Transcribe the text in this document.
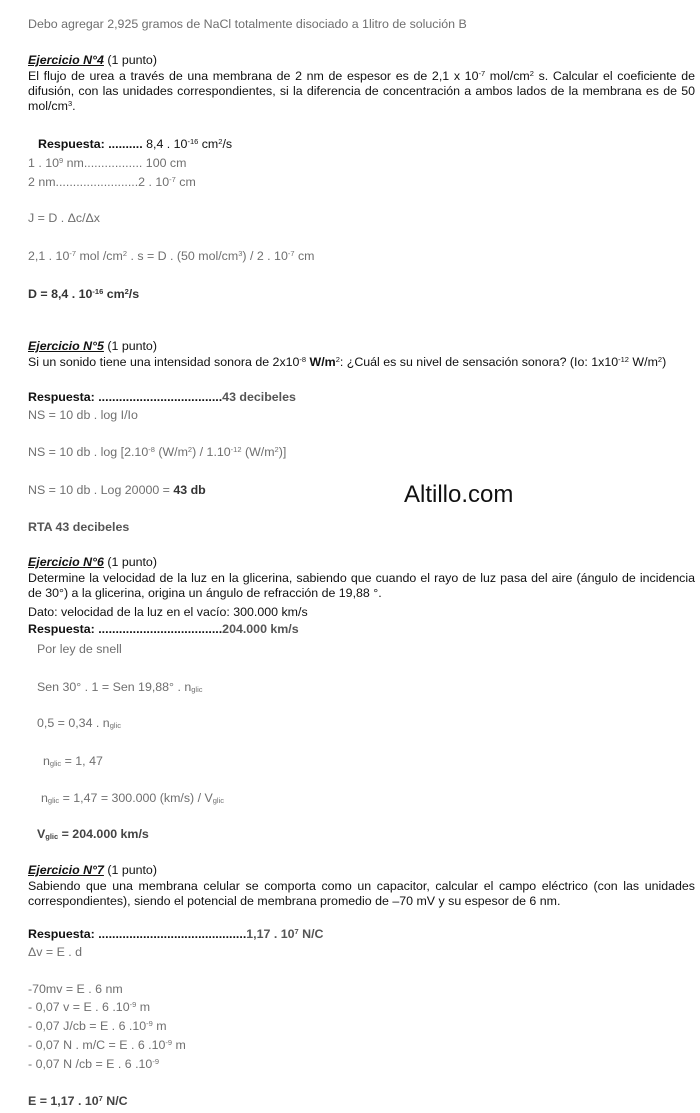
Debo agregar 2,925 gramos de NaCl totalmente disociado a 1litro de solución B
Ejercicio N°4 (1 punto)
El flujo de urea a través de una membrana de 2 nm de espesor es de 2,1 x $10^{-7}$ mol/$cm^2$ s. Calcular el coeficiente de difusión, con las unidades correspondientes, si la diferencia de concentración a ambos lados de la membrana es de 50 mol/$cm^3$.
Respuesta: .......... 8,4 . $10^{-16}$ $cm^2/s$
1 . $10^9$ nm................. 100 cm
2 nm........................2 . $10^{-7}$ cm
J = D . Δc/Δx
2,1 . $10^{-7}$ mol $/cm^2$ . s = D . (50 mol/$cm^3) / 2$ . $10^{-7}$ cm
D = 8,4 . $10^{-16}$ $cm^2/s$
Ejercicio N°5 (1 punto)
Si un sonido tiene una intensidad sonora de $2x10^{-8}$ $W/m^2$: ¿Cuál es su nivel de sensación sonora? (Io: $1x10^{-12}$ $W/m^2$)
Respuesta: ....................................43 decibeles
NS = 10 db . log I/Io
NS = 10 db . $\log [2.10^{-8}$ $(W/m^2) / 1.10^{-12}$ $(W/m^2)$]
NS = 10 db . Log 20000 = 43 db
RTA 43 decibeles
Altillo.com
Ejercicio N°6 (1 punto)
Determine la velocidad de la luz en la glicerina, sabiendo que cuando el rayo de luz pasa del aire (ángulo de incidencia de 30°) a la glicerina, origina un ángulo de refracción de 19,88 °.
Dato: velocidad de la luz en el vacío: 300.000 km/s
Respuesta: ....................................204.000 km/s
Por ley de snell
Sen 30° . 1 = Sen 19,88° . $n_{glic}$
0,5 = 0,34 . $n_{glic}$
$n_{glic} = 1$, 47
$n_{glic} = 1,47 = 300.000$ $(km/s) / V_{glic}$
$V_{glic} = 204.000$ km/s
Ejercicio N°7 (1 punto)
Sabiendo que una membrana celular se comporta como un capacitor, calcular el campo eléctrico (con las unidades correspondientes), siendo el potencial de membrana promedio de –70 mV y su espesor de 6 nm.
Respuesta: ...........................................1,17 . $10^7$ N/C
Δv = E . d
-70mv = E . 6 nm
- 0,07 v = E . 6 $.10^{-9}$ m
- 0,07 J/cb = E . 6 $.10^{-9}$ m
- 0,07 N . m/C = E . 6 $.10^{-9}$ m
- 0,07 N /cb = E . 6 $.10^{-9}$
E = 1,17 . $10^7$ N/C
